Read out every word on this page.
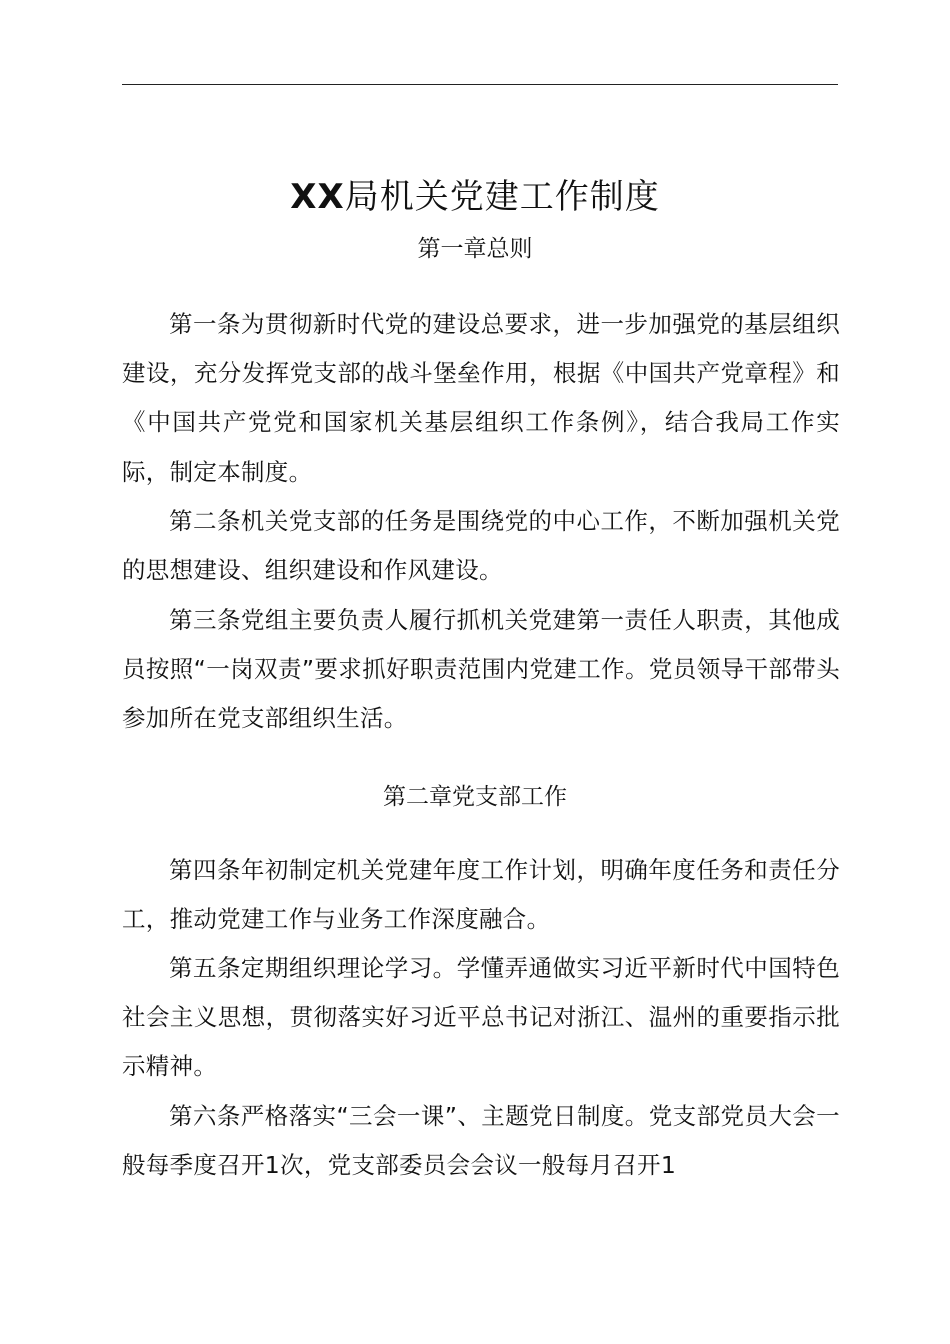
XX局机关党建工作制度
第一章总则

第一条为贯彻新时代党的建设总要求，进一步加强党的基层组织建设，充分发挥党支部的战斗堡垒作用，根据《中国共产党章程》和《中国共产党党和国家机关基层组织工作条例》，结合我局工作实际，制定本制度。

第二条机关党支部的任务是围绕党的中心工作，不断加强机关党的思想建设、组织建设和作风建设。

第三条党组主要负责人履行抓机关党建第一责任人职责，其他成员按照“一岗双责”要求抓好职责范围内党建工作。党员领导干部带头参加所在党支部组织生活。

第二章党支部工作

第四条年初制定机关党建年度工作计划，明确年度任务和责任分工，推动党建工作与业务工作深度融合。

第五条定期组织理论学习。学懂弄通做实习近平新时代中国特色社会主义思想，贯彻落实好习近平总书记对浙江、温州的重要指示批示精神。

第六条严格落实“三会一课”、主题党日制度。党支部党员大会一般每季度召开1次，党支部委员会会议一般每月召开1
